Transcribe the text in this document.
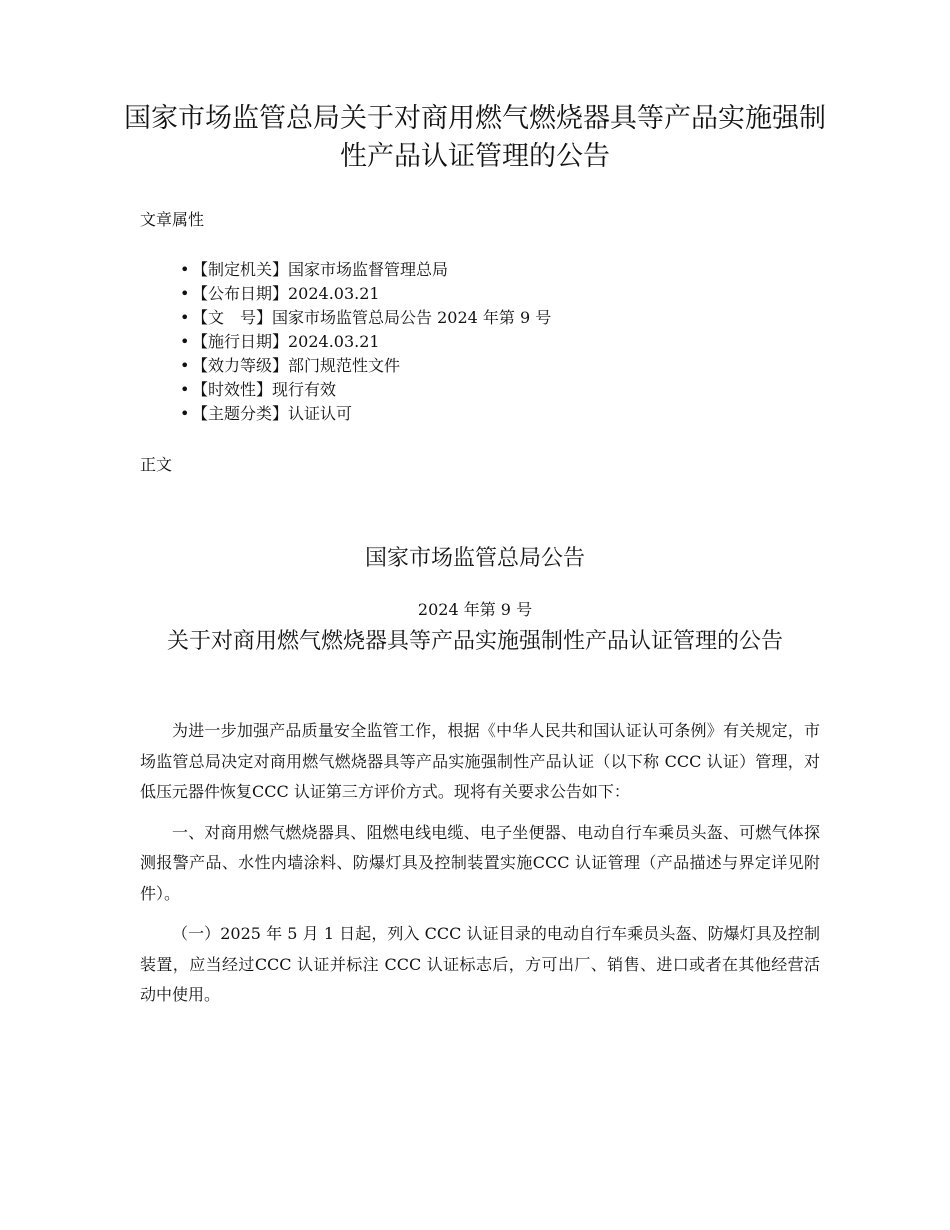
国家市场监管总局关于对商用燃气燃烧器具等产品实施强制性产品认证管理的公告
文章属性
• 【制定机关】国家市场监督管理总局
• 【公布日期】2024.03.21
• 【文　号】国家市场监管总局公告 2024 年第 9 号
• 【施行日期】2024.03.21
• 【效力等级】部门规范性文件
• 【时效性】现行有效
• 【主题分类】认证认可
正文
国家市场监管总局公告
2024 年第 9 号
关于对商用燃气燃烧器具等产品实施强制性产品认证管理的公告

为进一步加强产品质量安全监管工作，根据《中华人民共和国认证认可条例》有关规定，市场监管总局决定对商用燃气燃烧器具等产品实施强制性产品认证（以下称 CCC 认证）管理，对低压元器件恢复CCC 认证第三方评价方式。现将有关要求公告如下：

一、对商用燃气燃烧器具、阻燃电线电缆、电子坐便器、电动自行车乘员头盔、可燃气体探测报警产品、水性内墙涂料、防爆灯具及控制装置实施CCC 认证管理（产品描述与界定详见附件）。

（一）2025 年 5 月 1 日起，列入 CCC 认证目录的电动自行车乘员头盔、防爆灯具及控制装置，应当经过CCC 认证并标注 CCC 认证标志后，方可出厂、销售、进口或者在其他经营活动中使用。
